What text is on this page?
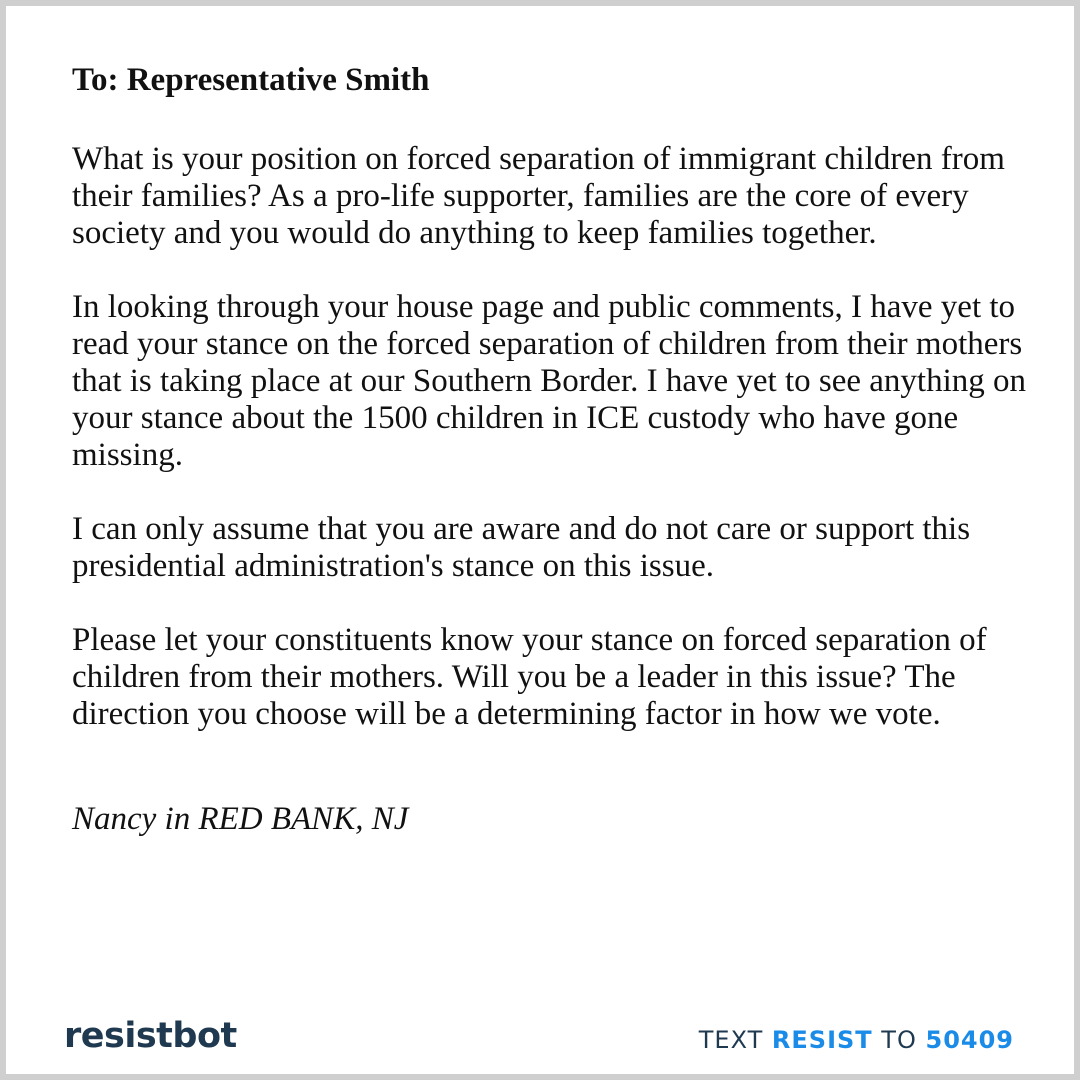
To: Representative Smith

What is your position on forced separation of immigrant children from their families? As a pro-life supporter, families are the core of every society and you would do anything to keep families together.

In looking through your house page and public comments, I have yet to read your stance on the forced separation of children from their mothers that is taking place at our Southern Border. I have yet to see anything on your stance about the 1500 children in ICE custody who have gone missing.

I can only assume that you are aware and do not care or support this presidential administration's stance on this issue.

Please let your constituents know your stance on forced separation of children from their mothers. Will you be a leader in this issue? The direction you choose will be a determining factor in how we vote.

Nancy in RED BANK, NJ

resistbot	TEXT RESIST TO 50409
